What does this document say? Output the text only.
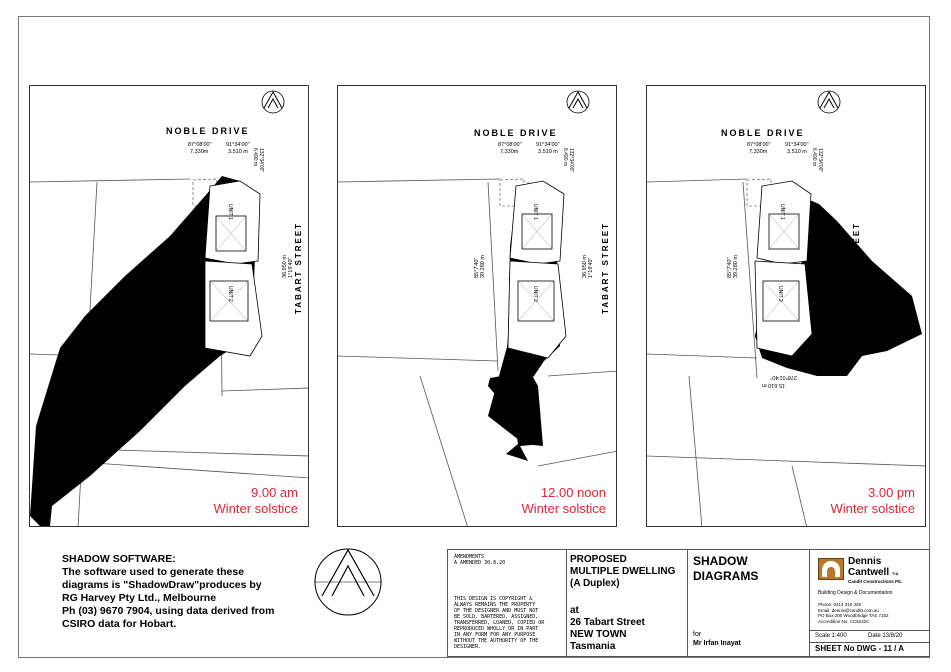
UNIT 1
UNIT 2
87°08'00"
7.330m
91°34'00"
3.510 m 132°34'00"
6.490 m
36.950 m 1°19'40"
NOBLE DRIVE
TABART STREET
9.00 am
Winter solstice
UNIT 1
UNIT 2
87°08'00"
7.330m
91°34'00"
3.510 m 132°34'00"
6.490 m
36.950 m 1°19'40"
85°7'40" 39.280 m
NOBLE DRIVE
TABART STREET
12.00 noon
Winter solstice
UNIT 1
UNIT 2
87°08'00"
7.330m
91°34'00"
3.510 m 132°34'00"
6.490 m
85°7'40" 39.280 m
278°01'40"
15.610 m
NOBLE DRIVE
TABART STREET
3.00 pm
Winter solstice
SHADOW SOFTWARE:
The software used to generate these
diagrams is "ShadowDraw"produces by
RG Harvey Pty Ltd., Melbourne
Ph (03) 9670 7904, using data derived from
CSIRO data for Hobart.
AMENDMENTS
A AMENDED 30.8.20
THIS DESIGN IS COPYRIGHT &
ALWAYS REMAINS THE PROPERTY
OF THE DESIGNER AND MUST NOT
BE SOLD, BARTERED, ASSIGNED,
TRANSFERRED, LOANED, COPIED OR
REPRODUCED WHOLLY OR IN PART
IN ANY FORM FOR ANY PURPOSE
WITHOUT THE AUTHORITY OF THE
DESIGNER.
PROPOSED
MULTIPLE DWELLING
(A Duplex)
at
26 Tabart Street
NEW TOWN
Tasmania
SHADOW
DIAGRAMS
for
Mr Irfan Inayat
Dennis
Cantwell T/A
Candit Constructions P/L
Building Design & Documentation
Phone: 0414 310 326
Email: dennis@canditt.com.au
PO Box 200 Woodbridge TAS 7162
Accredition No: CC5242C
Scale 1:400	Date 13/8/20
SHEET No DWG - 11 / A
